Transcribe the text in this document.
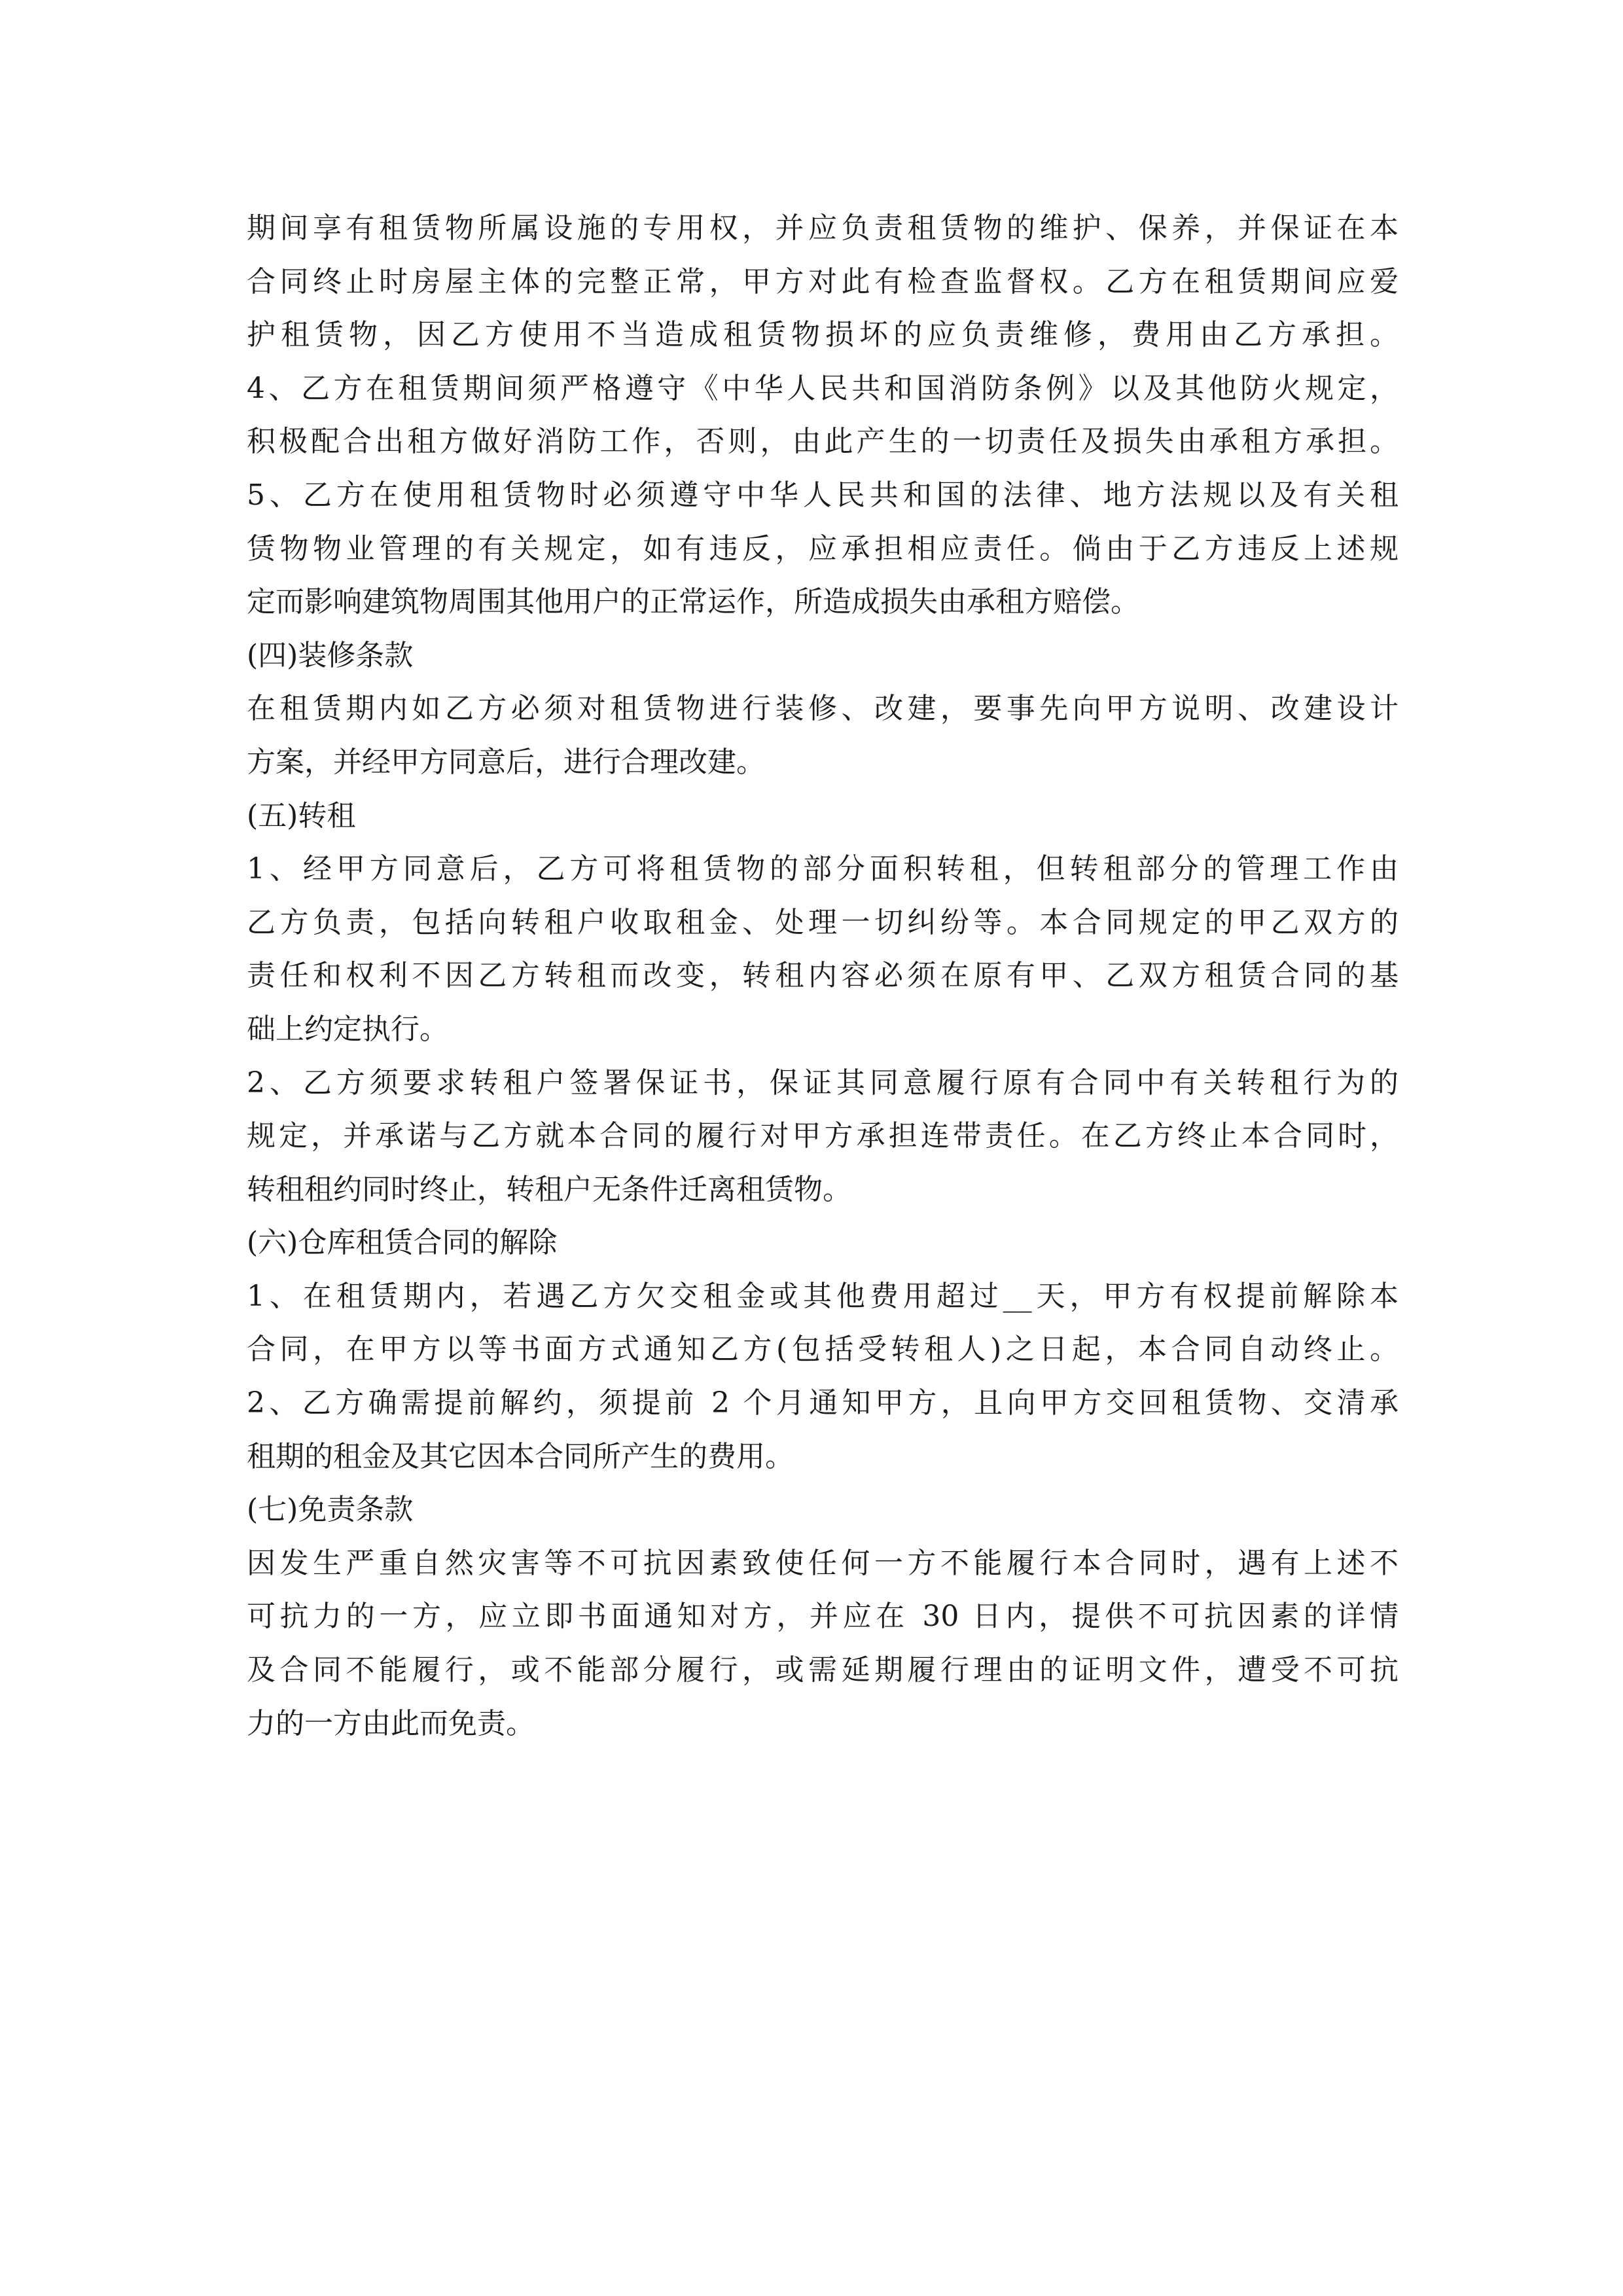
期间享有租赁物所属设施的专用权，并应负责租赁物的维护、保养，并保证在本
合同终止时房屋主体的完整正常，甲方对此有检查监督权。乙方在租赁期间应爱
护租赁物，因乙方使用不当造成租赁物损坏的应负责维修，费用由乙方承担。
4、乙方在租赁期间须严格遵守《中华人民共和国消防条例》以及其他防火规定，
积极配合出租方做好消防工作，否则，由此产生的一切责任及损失由承租方承担。
5、乙方在使用租赁物时必须遵守中华人民共和国的法律、地方法规以及有关租
赁物物业管理的有关规定，如有违反，应承担相应责任。倘由于乙方违反上述规
定而影响建筑物周围其他用户的正常运作，所造成损失由承租方赔偿。
(四)装修条款
在租赁期内如乙方必须对租赁物进行装修、改建，要事先向甲方说明、改建设计
方案，并经甲方同意后，进行合理改建。
(五)转租
1、经甲方同意后，乙方可将租赁物的部分面积转租，但转租部分的管理工作由
乙方负责，包括向转租户收取租金、处理一切纠纷等。本合同规定的甲乙双方的
责任和权利不因乙方转租而改变，转租内容必须在原有甲、乙双方租赁合同的基
础上约定执行。
2、乙方须要求转租户签署保证书，保证其同意履行原有合同中有关转租行为的
规定，并承诺与乙方就本合同的履行对甲方承担连带责任。在乙方终止本合同时，
转租租约同时终止，转租户无条件迁离租赁物。
(六)仓库租赁合同的解除
1、在租赁期内，若遇乙方欠交租金或其他费用超过__天，甲方有权提前解除本
合同，在甲方以等书面方式通知乙方(包括受转租人)之日起，本合同自动终止。
2、乙方确需提前解约，须提前 2 个月通知甲方，且向甲方交回租赁物、交清承
租期的租金及其它因本合同所产生的费用。
(七)免责条款
因发生严重自然灾害等不可抗因素致使任何一方不能履行本合同时，遇有上述不
可抗力的一方，应立即书面通知对方，并应在 30 日内，提供不可抗因素的详情
及合同不能履行，或不能部分履行，或需延期履行理由的证明文件，遭受不可抗
力的一方由此而免责。
